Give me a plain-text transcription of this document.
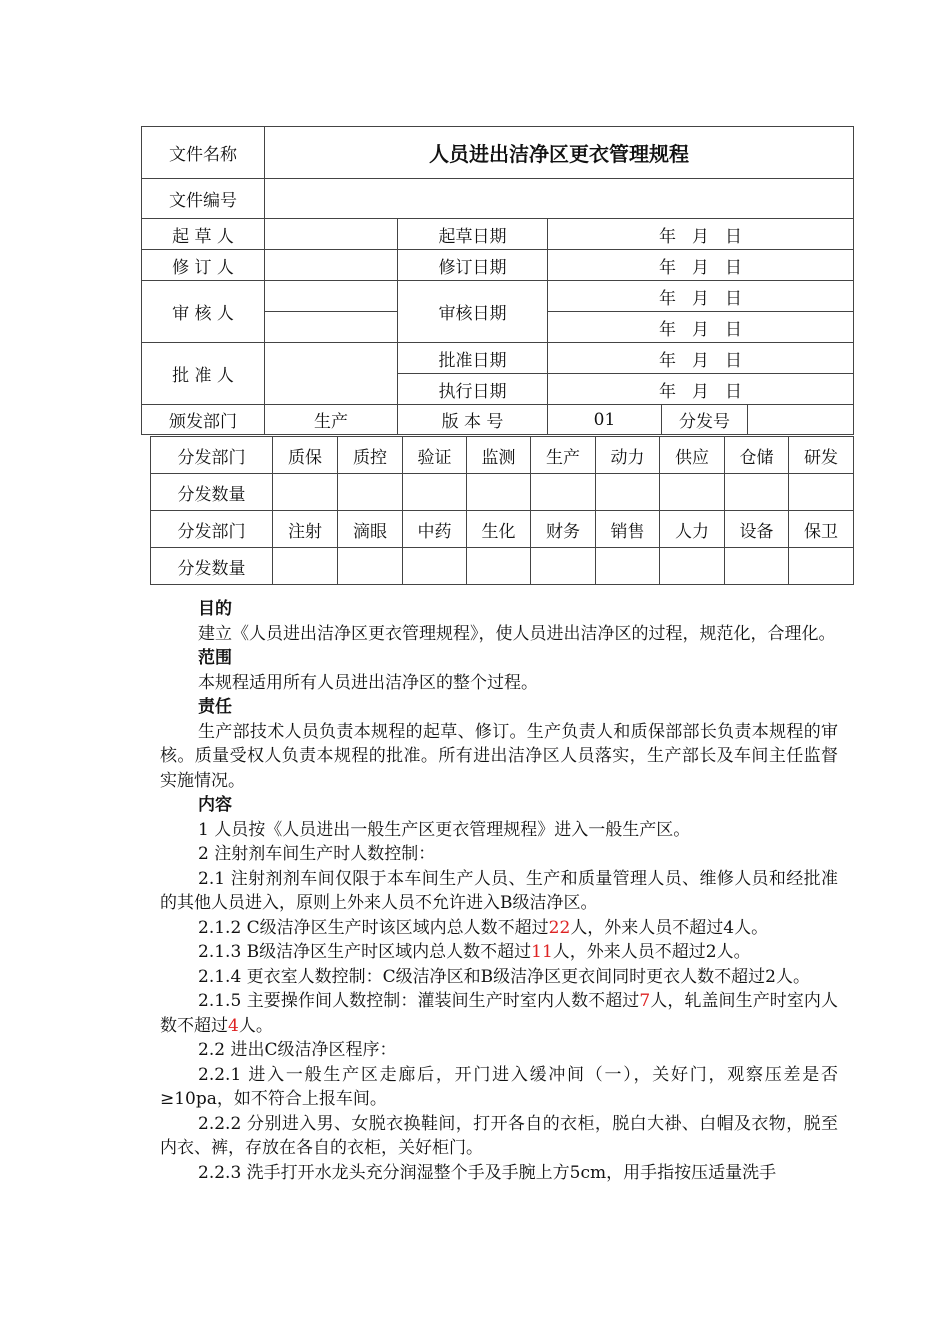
文件名称	人员进出洁净区更衣管理规程				
文件编号					
起 草 人		起草日期	年 月 日		
修 订 人		修订日期	年 月 日		
审 核 人		审核日期	年 月 日		
			年 月 日		
批 准 人		批准日期	年 月 日		
		执行日期	年 月 日		
颁发部门	生产	版 本 号	01	分发号	
分发部门	质保	质控	验证	监测	生产	动力	供应	仓储	研发
分发数量									
分发部门	注射	滴眼	中药	生化	财务	销售	人力	设备	保卫
分发数量									

目的

建立《人员进出洁净区更衣管理规程》，使人员进出洁净区的过程，规范化，合理化。

范围

本规程适用所有人员进出洁净区的整个过程。

责任

生产部技术人员负责本规程的起草、修订。生产负责人和质保部部长负责本规程的审核。质量受权人负责本规程的批准。所有进出洁净区人员落实，生产部长及车间主任监督实施情况。

内容

1 人员按《人员进出一般生产区更衣管理规程》进入一般生产区。

2 注射剂车间生产时人数控制：

2.1 注射剂剂车间仅限于本车间生产人员、生产和质量管理人员、维修人员和经批准的其他人员进入，原则上外来人员不允许进入B级洁净区。

2.1.2 C级洁净区生产时该区域内总人数不超过22人，外来人员不超过4人。

2.1.3 B级洁净区生产时区域内总人数不超过11人，外来人员不超过2人。

2.1.4 更衣室人数控制：C级洁净区和B级洁净区更衣间同时更衣人数不超过2人。

2.1.5 主要操作间人数控制：灌装间生产时室内人数不超过7人，轧盖间生产时室内人数不超过4人。

2.2 进出C级洁净区程序：

2.2.1 进入一般生产区走廊后，开门进入缓冲间（一），关好门，观察压差是否≥10pa，如不符合上报车间。

2.2.2 分别进入男、女脱衣换鞋间，打开各自的衣柜，脱白大褂、白帽及衣物，脱至内衣、裤，存放在各自的衣柜，关好柜门。

2.2.3 洗手打开水龙头充分润湿整个手及手腕上方5cm，用手指按压适量洗手
